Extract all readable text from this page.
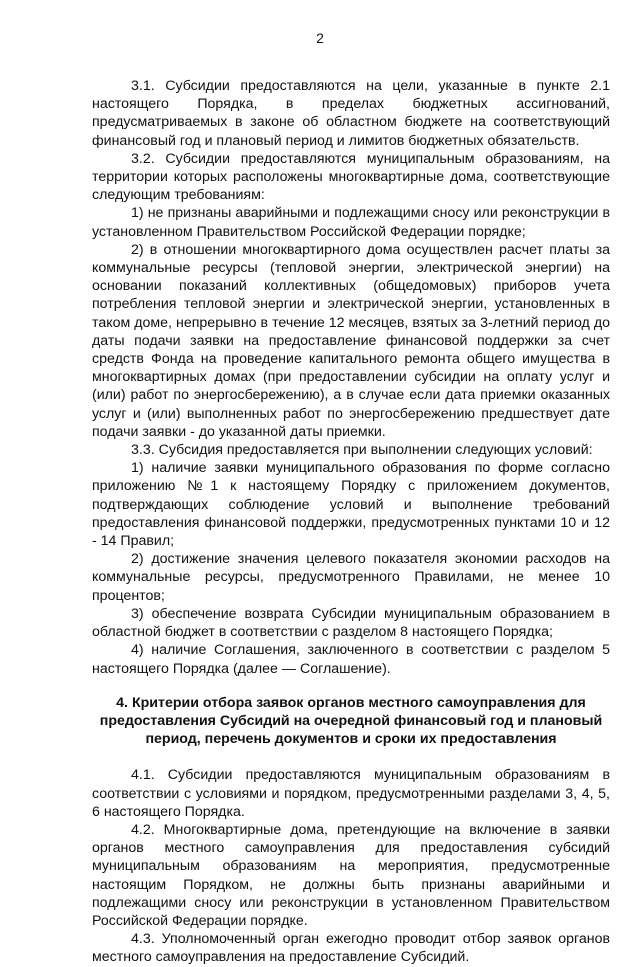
2

3.1. Субсидии предоставляются на цели, указанные в пункте 2.1 настоящего Порядка, в пределах бюджетных ассигнований, предусматриваемых в законе об областном бюджете на соответствующий финансовый год и плановый период и лимитов бюджетных обязательств.

3.2. Субсидии предоставляются муниципальным образованиям, на территории которых расположены многоквартирные дома, соответствующие следующим требованиям:

1) не признаны аварийными и подлежащими сносу или реконструкции в установленном Правительством Российской Федерации порядке;

2) в отношении многоквартирного дома осуществлен расчет платы за коммунальные ресурсы (тепловой энергии, электрической энергии) на основании показаний коллективных (общедомовых) приборов учета потребления тепловой энергии и электрической энергии, установленных в таком доме, непрерывно в течение 12 месяцев, взятых за 3-летний период до даты подачи заявки на предоставление финансовой поддержки за счет средств Фонда на проведение капитального ремонта общего имущества в многоквартирных домах (при предоставлении субсидии на оплату услуг и (или) работ по энергосбережению), а в случае если дата приемки оказанных услуг и (или) выполненных работ по энергосбережению предшествует дате подачи заявки - до указанной даты приемки.

3.3. Субсидия предоставляется при выполнении следующих условий:

1) наличие заявки муниципального образования по форме согласно приложению №1 к настоящему Порядку с приложением документов, подтверждающих соблюдение условий и выполнение требований предоставления финансовой поддержки, предусмотренных пунктами 10 и 12 - 14 Правил;

2) достижение значения целевого показателя экономии расходов на коммунальные ресурсы, предусмотренного Правилами, не менее 10 процентов;

3) обеспечение возврата Субсидии муниципальным образованием в областной бюджет в соответствии с разделом 8 настоящего Порядка;

4) наличие Соглашения, заключенного в соответствии с разделом 5 настоящего Порядка (далее — Соглашение).

4. Критерии отбора заявок органов местного самоуправления для предоставления Субсидий на очередной финансовый год и плановый период, перечень документов и сроки их предоставления

4.1. Субсидии предоставляются муниципальным образованиям в соответствии с условиями и порядком, предусмотренными разделами 3, 4, 5, 6 настоящего Порядка.

4.2. Многоквартирные дома, претендующие на включение в заявки органов местного самоуправления для предоставления субсидий муниципальным образованиям на мероприятия, предусмотренные настоящим Порядком, не должны быть признаны аварийными и подлежащими сносу или реконструкции в установленном Правительством Российской Федерации порядке.

4.3. Уполномоченный орган ежегодно проводит отбор заявок органов местного самоуправления на предоставление Субсидий.
